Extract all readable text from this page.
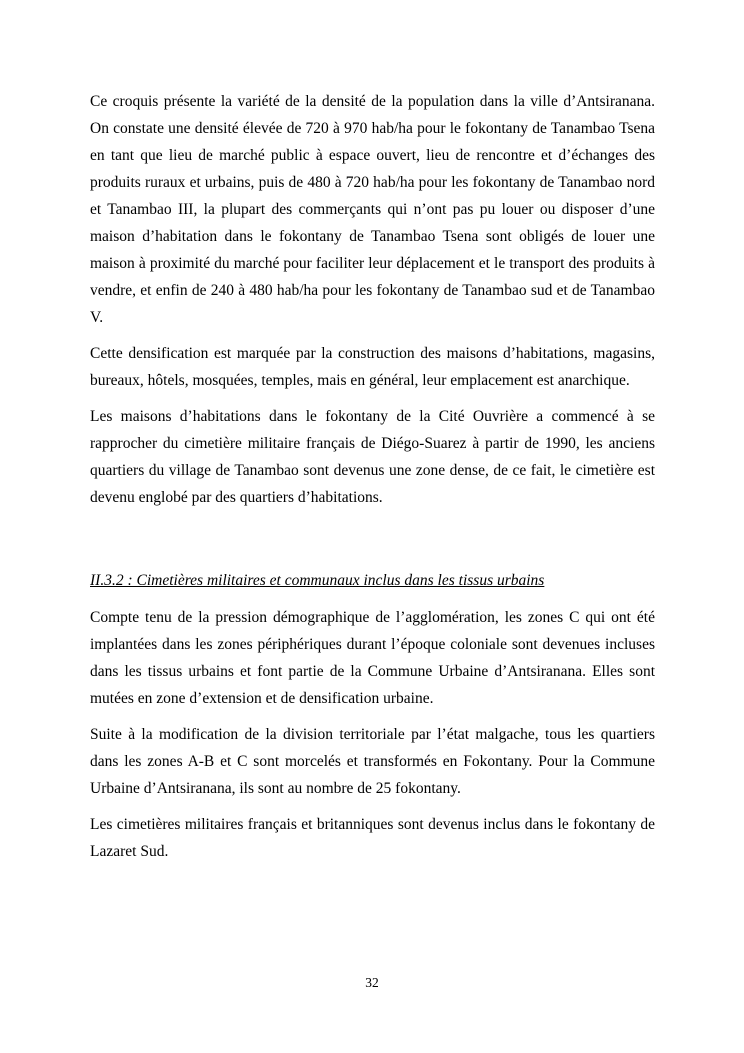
Ce croquis présente la variété de la densité de la population dans la ville d’Antsiranana. On constate une densité élevée de 720 à 970 hab/ha pour le fokontany de Tanambao Tsena en tant que lieu de marché public à espace ouvert, lieu de rencontre et d’échanges des produits ruraux et urbains, puis de 480 à 720 hab/ha pour les fokontany de Tanambao nord et Tanambao III, la plupart des commerçants qui n’ont pas pu louer ou disposer d’une maison d’habitation dans le fokontany de Tanambao Tsena sont obligés de louer une maison à proximité du marché pour faciliter leur déplacement et le transport des produits à vendre, et enfin de 240 à 480 hab/ha pour les fokontany de Tanambao sud et de Tanambao V.

Cette densification est marquée par la construction des maisons d’habitations, magasins, bureaux, hôtels, mosquées, temples, mais en général, leur emplacement est anarchique.

Les maisons d’habitations dans le fokontany de la Cité Ouvrière a commencé à se rapprocher du cimetière militaire français de Diégo-Suarez à partir de 1990, les anciens quartiers du village de Tanambao sont devenus une zone dense, de ce fait, le cimetière est devenu englobé par des quartiers d’habitations.

II.3.2 : Cimetières militaires et communaux inclus dans les tissus urbains

Compte tenu de la pression démographique de l’agglomération, les zones C qui ont été implantées dans les zones périphériques durant l’époque coloniale sont devenues incluses dans les tissus urbains et font partie de la Commune Urbaine d’Antsiranana. Elles sont mutées en zone d’extension et de densification urbaine.

Suite à la modification de la division territoriale par l’état malgache, tous les quartiers dans les zones A-B et C sont morcelés et transformés en Fokontany. Pour la Commune Urbaine d’Antsiranana, ils sont au nombre de 25 fokontany.

Les cimetières militaires français et britanniques sont devenus inclus dans le fokontany de Lazaret Sud.

32
